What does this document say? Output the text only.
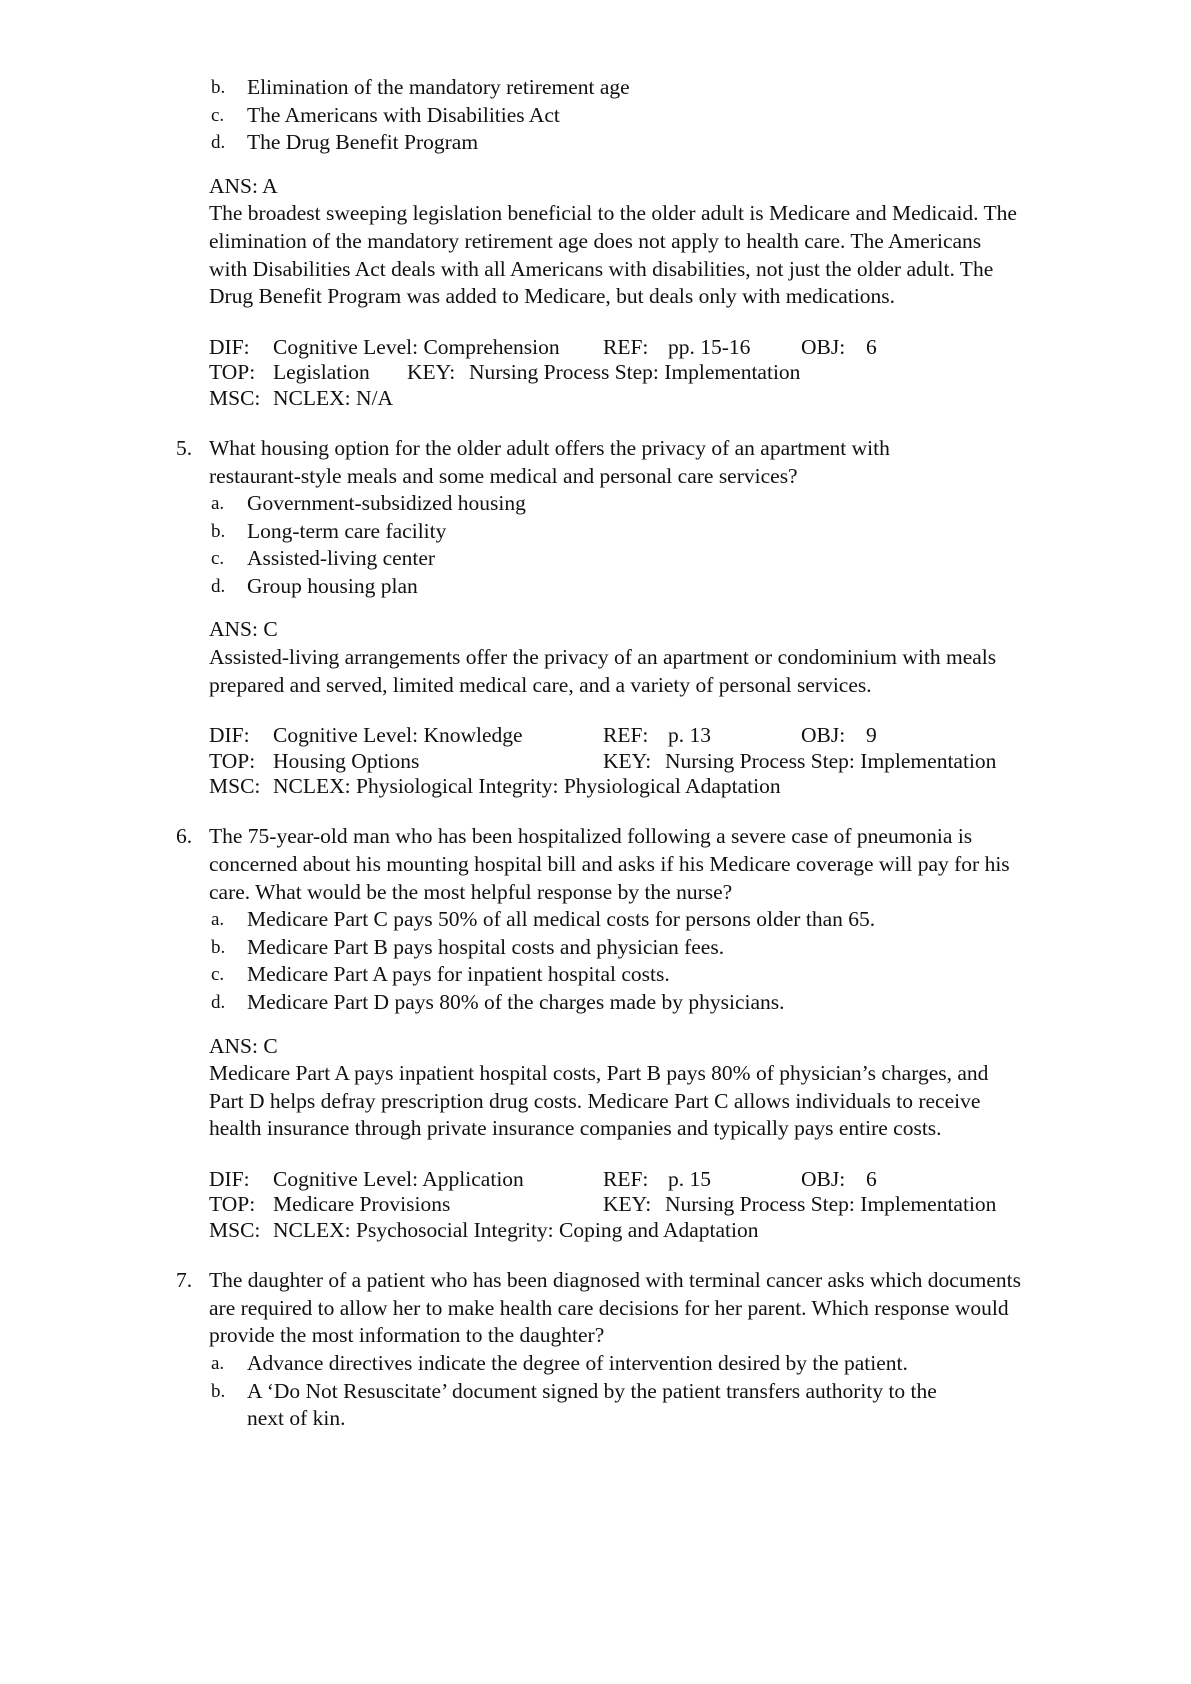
b. Elimination of the mandatory retirement age
c. The Americans with Disabilities Act
d. The Drug Benefit Program
ANS: A
The broadest sweeping legislation beneficial to the older adult is Medicare and Medicaid. The
elimination of the mandatory retirement age does not apply to health care. The Americans
with Disabilities Act deals with all Americans with disabilities, not just the older adult. The
Drug Benefit Program was added to Medicare, but deals only with medications.
DIF: Cognitive Level: Comprehension REF: pp. 15-16 OBJ: 6
TOP: Legislation KEY: Nursing Process Step: Implementation
MSC: NCLEX: N/A
5. What housing option for the older adult offers the privacy of an apartment with
restaurant-style meals and some medical and personal care services?
a. Government-subsidized housing
b. Long-term care facility
c. Assisted-living center
d. Group housing plan
ANS: C
Assisted-living arrangements offer the privacy of an apartment or condominium with meals
prepared and served, limited medical care, and a variety of personal services.
DIF: Cognitive Level: Knowledge	REF: p. 13	OBJ: 9
TOP: Housing Options	KEY: Nursing Process Step: Implementation
MSC: NCLEX: Physiological Integrity: Physiological Adaptation
6. The 75-year-old man who has been hospitalized following a severe case of pneumonia is
concerned about his mounting hospital bill and asks if his Medicare coverage will pay for his
care. What would be the most helpful response by the nurse?
a. Medicare Part C pays 50% of all medical costs for persons older than 65.
b. Medicare Part B pays hospital costs and physician fees.
c. Medicare Part A pays for inpatient hospital costs.
d. Medicare Part D pays 80% of the charges made by physicians.
ANS: C
Medicare Part A pays inpatient hospital costs, Part B pays 80% of physician’s charges, and
Part D helps defray prescription drug costs. Medicare Part C allows individuals to receive
health insurance through private insurance companies and typically pays entire costs.
DIF: Cognitive Level: Application	REF: p. 15	OBJ: 6
TOP: Medicare Provisions	KEY: Nursing Process Step: Implementation
MSC: NCLEX: Psychosocial Integrity: Coping and Adaptation
7. The daughter of a patient who has been diagnosed with terminal cancer asks which documents
are required to allow her to make health care decisions for her parent. Which response would
provide the most information to the daughter?
a. Advance directives indicate the degree of intervention desired by the patient.
b. A ‘Do Not Resuscitate’ document signed by the patient transfers authority to the
next of kin.
